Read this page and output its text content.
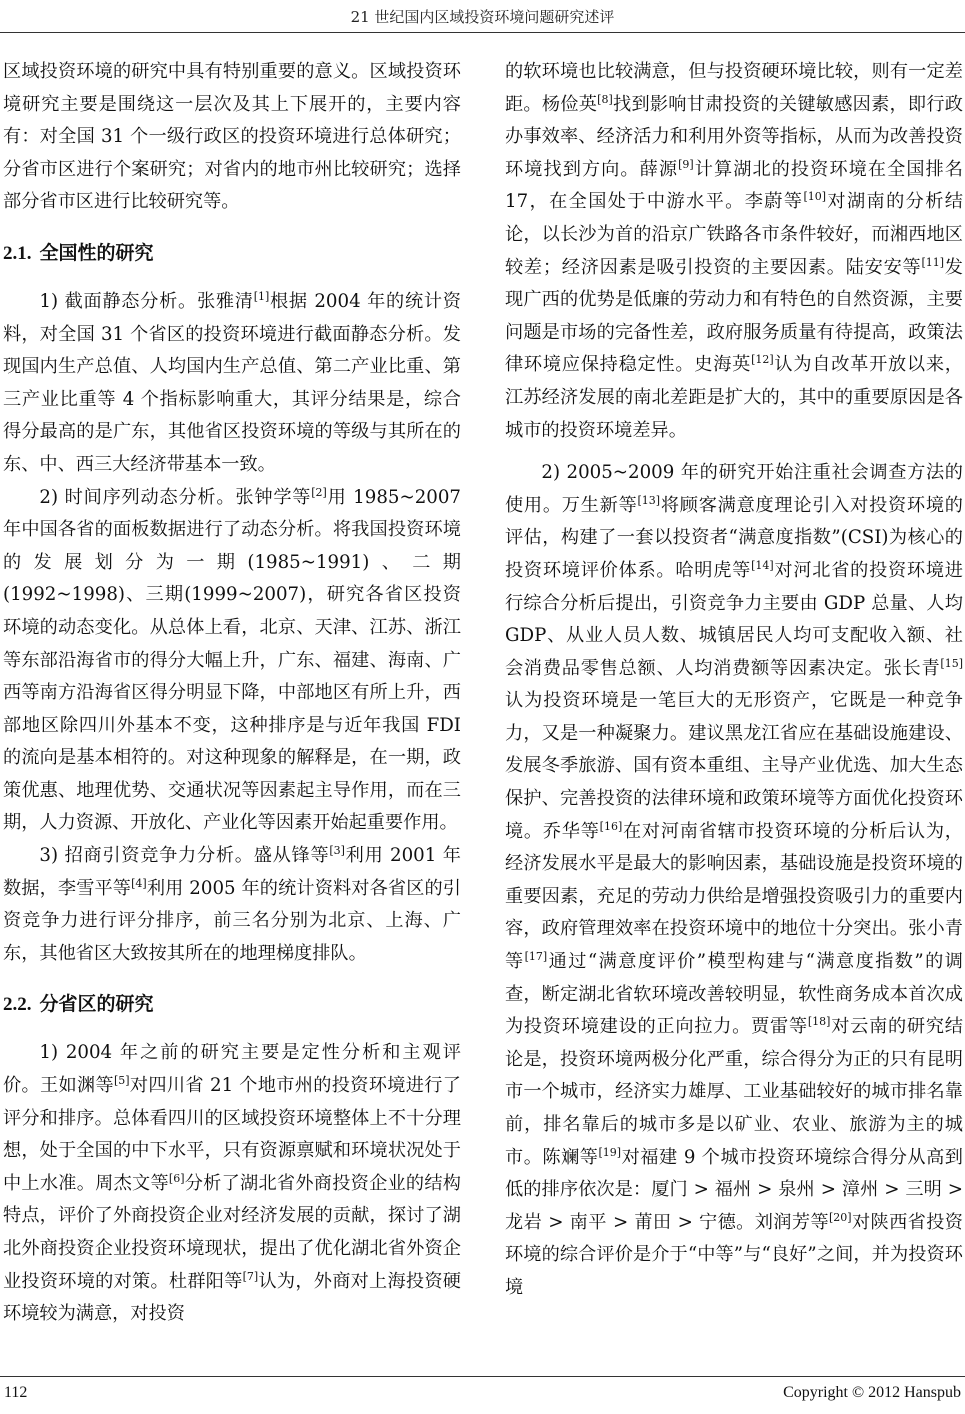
21 世纪国内区域投资环境问题研究述评

区域投资环境的研究中具有特别重要的意义。区域投资环境研究主要是围绕这一层次及其上下展开的，主要内容有：对全国 31 个一级行政区的投资环境进行总体研究；分省市区进行个案研究；对省内的地市州比较研究；选择部分省市区进行比较研究等。

2.1. 全国性的研究

1) 截面静态分析。张雅清[1]根据 2004 年的统计资料，对全国 31 个省区的投资环境进行截面静态分析。发现国内生产总值、人均国内生产总值、第二产业比重、第三产业比重等 4 个指标影响重大，其评分结果是，综合得分最高的是广东，其他省区投资环境的等级与其所在的东、中、西三大经济带基本一致。

2) 时间序列动态分析。张钟学等[2]用 1985~2007 年中国各省的面板数据进行了动态分析。将我国投资环境的发展划分为一期(1985~1991)、二期(1992~1998)、三期(1999~2007)，研究各省区投资环境的动态变化。从总体上看，北京、天津、江苏、浙江等东部沿海省市的得分大幅上升，广东、福建、海南、广西等南方沿海省区得分明显下降，中部地区有所上升，西部地区除四川外基本不变，这种排序是与近年我国 FDI 的流向是基本相符的。对这种现象的解释是，在一期，政策优惠、地理优势、交通状况等因素起主导作用，而在三期，人力资源、开放化、产业化等因素开始起重要作用。

3) 招商引资竞争力分析。盛从锋等[3]利用 2001 年数据，李雪平等[4]利用 2005 年的统计资料对各省区的引资竞争力进行评分排序，前三名分别为北京、上海、广东，其他省区大致按其所在的地理梯度排队。

2.2. 分省区的研究

1) 2004 年之前的研究主要是定性分析和主观评价。王如渊等[5]对四川省 21 个地市州的投资环境进行了评分和排序。总体看四川的区域投资环境整体上不十分理想，处于全国的中下水平，只有资源禀赋和环境状况处于中上水准。周杰文等[6]分析了湖北省外商投资企业的结构特点，评价了外商投资企业对经济发展的贡献，探讨了湖北外商投资企业投资环境现状，提出了优化湖北省外资企业投资环境的对策。杜群阳等[7]认为，外商对上海投资硬环境较为满意，对投资

的软环境也比较满意，但与投资硬环境比较，则有一定差距。杨俭英[8]找到影响甘肃投资的关键敏感因素，即行政办事效率、经济活力和利用外资等指标，从而为改善投资环境找到方向。薛源[9]计算湖北的投资环境在全国排名 17，在全国处于中游水平。李蔚等[10]对湖南的分析结论，以长沙为首的沿京广铁路各市条件较好，而湘西地区较差；经济因素是吸引投资的主要因素。陆安安等[11]发现广西的优势是低廉的劳动力和有特色的自然资源，主要问题是市场的完备性差，政府服务质量有待提高，政策法律环境应保持稳定性。史海英[12]认为自改革开放以来，江苏经济发展的南北差距是扩大的，其中的重要原因是各城市的投资环境差异。

2) 2005~2009 年的研究开始注重社会调查方法的使用。万生新等[13]将顾客满意度理论引入对投资环境的评估，构建了一套以投资者“满意度指数”(CSI)为核心的投资环境评价体系。哈明虎等[14]对河北省的投资环境进行综合分析后提出，引资竞争力主要由 GDP 总量、人均 GDP、从业人员人数、城镇居民人均可支配收入额、社会消费品零售总额、人均消费额等因素决定。张长青[15]认为投资环境是一笔巨大的无形资产，它既是一种竞争力，又是一种凝聚力。建议黑龙江省应在基础设施建设、发展冬季旅游、国有资本重组、主导产业优选、加大生态保护、完善投资的法律环境和政策环境等方面优化投资环境。乔华等[16]在对河南省辖市投资环境的分析后认为，经济发展水平是最大的影响因素，基础设施是投资环境的重要因素，充足的劳动力供给是增强投资吸引力的重要内容，政府管理效率在投资环境中的地位十分突出。张小青等[17]通过“满意度评价”模型构建与“满意度指数”的调查，断定湖北省软环境改善较明显，软性商务成本首次成为投资环境建设的正向拉力。贾雷等[18]对云南的研究结论是，投资环境两极分化严重，综合得分为正的只有昆明市一个城市，经济实力雄厚、工业基础较好的城市排名靠前，排名靠后的城市多是以矿业、农业、旅游为主的城市。陈斓等[19]对福建 9 个城市投资环境综合得分从高到低的排序依次是：厦门 > 福州 > 泉州 > 漳州 > 三明 > 龙岩 > 南平 > 莆田 > 宁德。刘润芳等[20]对陕西省投资环境的综合评价是介于“中等”与“良好”之间，并为投资环境

112	Copyright © 2012 Hanspub
